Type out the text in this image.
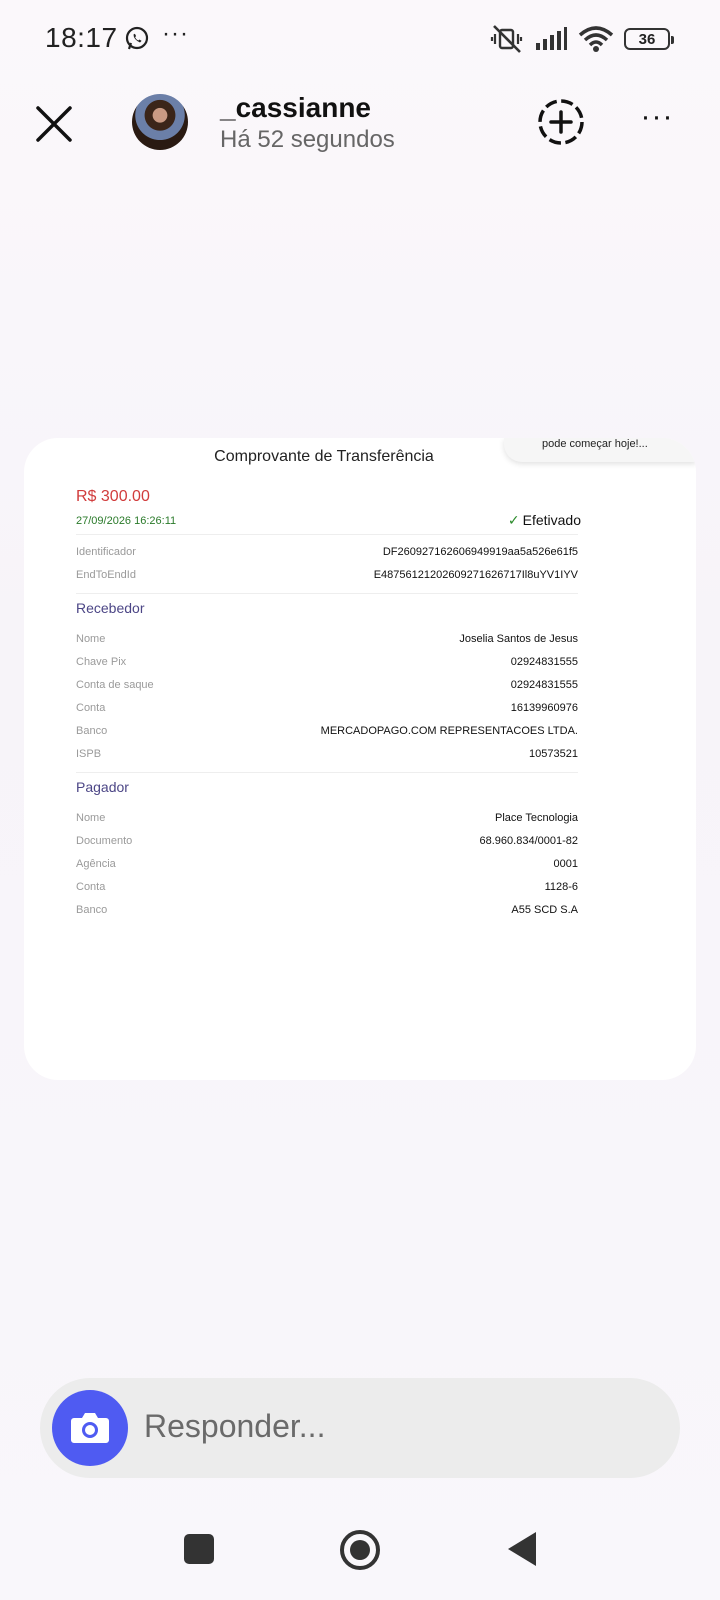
18:17 ···	36
_cassianne
Há 52 segundos
···
pode começar hoje!...
Comprovante de Transferência
R$ 300.00
27/09/2026 16:26:11	✓ Efetivado
Identificador	DF260927162606949919aa5a526e61f5
EndToEndId	E48756121202609271626717Il8uYV1IYV
Recebedor
Nome	Joselia Santos de Jesus
Chave Pix	02924831555
Conta de saque	02924831555
Conta	16139960976
Banco	MERCADOPAGO.COM REPRESENTACOES LTDA.
ISPB	10573521
Pagador
Nome	Place Tecnologia
Documento	68.960.834/0001-82
Agência	0001
Conta	1128-6
Banco	A55 SCD S.A
Responder...
